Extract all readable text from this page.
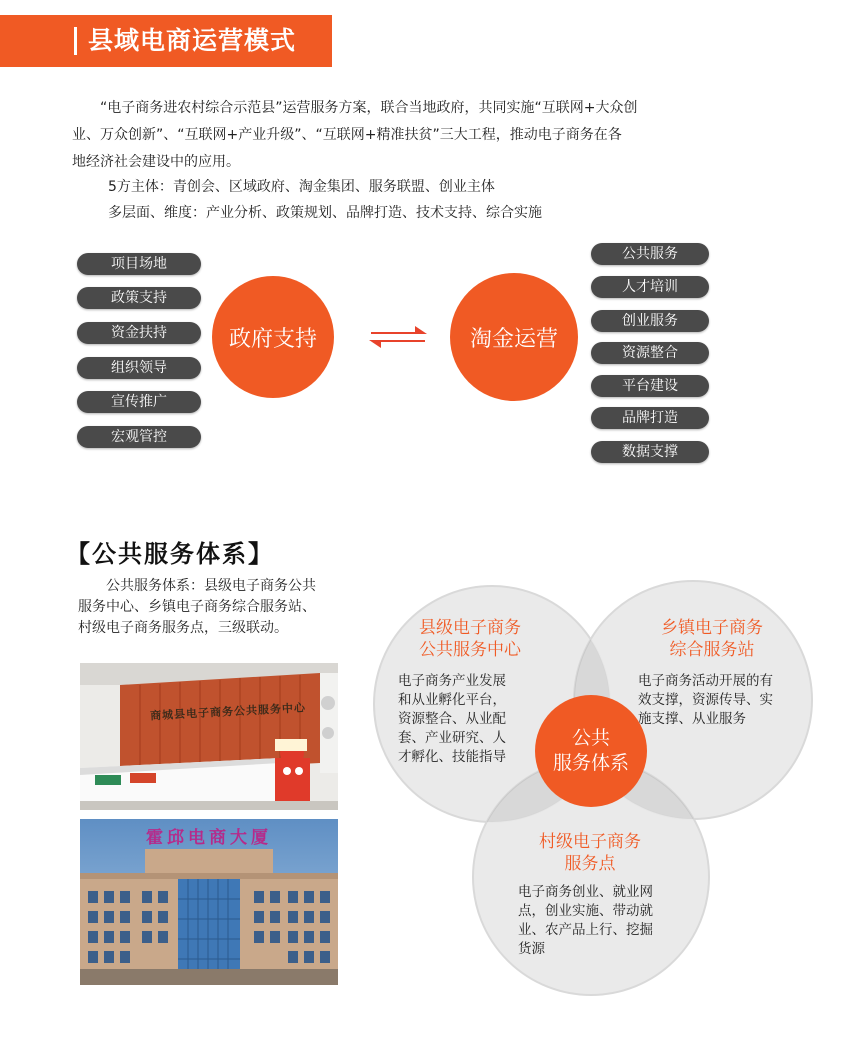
县域电商运营模式

“电子商务进农村综合示范县”运营服务方案，联合当地政府，共同实施“互联网+大众创

业、万众创新”、“互联网+产业升级”、“互联网+精准扶贫”三大工程，推动电子商务在各

地经济社会建设中的应用。

5方主体：青创会、区域政府、淘金集团、服务联盟、创业主体
多层面、维度：产业分析、政策规划、品牌打造、技术支持、综合实施
项目场地
政策支持
资金扶持
组织领导
宣传推广
宏观管控
政府支持	淘金运营
公共服务
人才培训
创业服务
资源整合
平台建设
品牌打造
数据支撑
【公共服务体系】
公共服务体系：县级电子商务公共
服务中心、乡镇电子商务综合服务站、
村级电子商务服务点，三级联动。
商城县电子商务公共服务中心
霍邱电商大厦
县级电子商务
公共服务中心
电子商务产业发展
和从业孵化平台，
资源整合、从业配
套、产业研究、人
才孵化、技能指导
乡镇电子商务
综合服务站
电子商务活动开展的有
效支撑，资源传导、实
施支撑、从业服务
村级电子商务
服务点
电子商务创业、就业网
点，创业实施、带动就
业、农产品上行、挖掘
货源
公共
服务体系
